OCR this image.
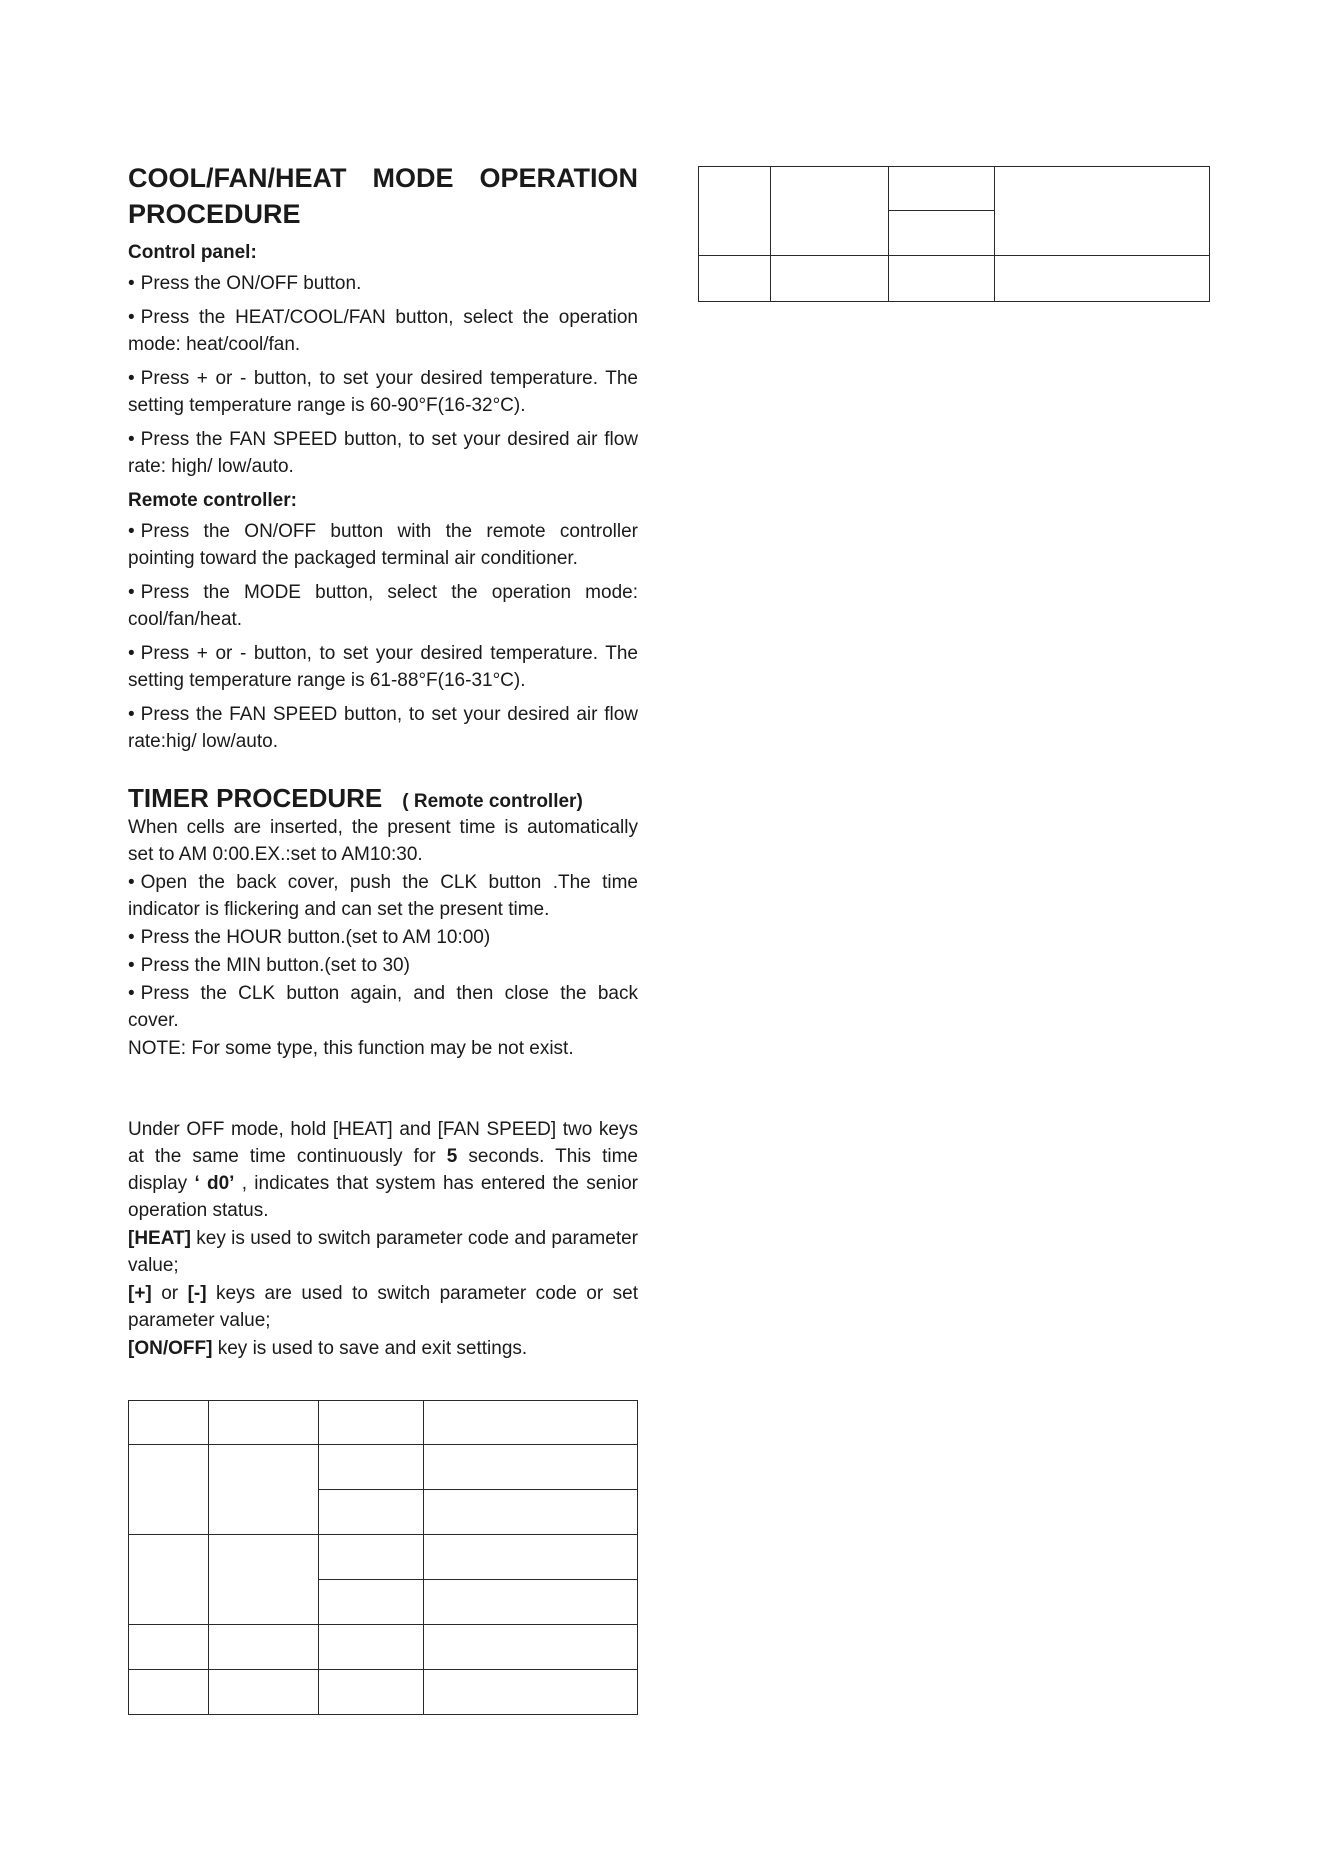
COOL/FAN/HEAT MODE OPERATION PROCEDURE
Control panel:

• Press the ON/OFF button.

• Press the HEAT/COOL/FAN button, select the operation mode: heat/cool/fan.

• Press + or - button, to set your desired temperature. The setting temperature range is 60-90°F(16-32°C).

• Press the FAN SPEED button, to set your desired air flow rate: high/ low/auto.

Remote controller:

• Press the ON/OFF button with the remote controller pointing toward the packaged terminal air conditioner.

• Press the MODE button, select the operation mode: cool/fan/heat.

• Press + or - button, to set your desired temperature. The setting temperature range is 61-88°F(16-31°C).

• Press the FAN SPEED button, to set your desired air flow rate:hig/ low/auto.

TIMER PROCEDURE ( Remote controller)

When cells are inserted, the present time is automatically set to AM 0:00.EX.:set to AM10:30.

• Open the back cover, push the CLK button .The time indicator is flickering and can set the present time.

• Press the HOUR button.(set to AM 10:00)

• Press the MIN button.(set to 30)

• Press the CLK button again, and then close the back cover.

NOTE: For some type, this function may be not exist.

Under OFF mode, hold [HEAT] and [FAN SPEED] two keys at the same time continuously for 5 seconds. This time display ‘ d0’ , indicates that system has entered the senior operation status.

[HEAT] key is used to switch parameter code and parameter value;

[+] or [-] keys are used to switch parameter code or set parameter value;

[ON/OFF] key is used to save and exit settings.
